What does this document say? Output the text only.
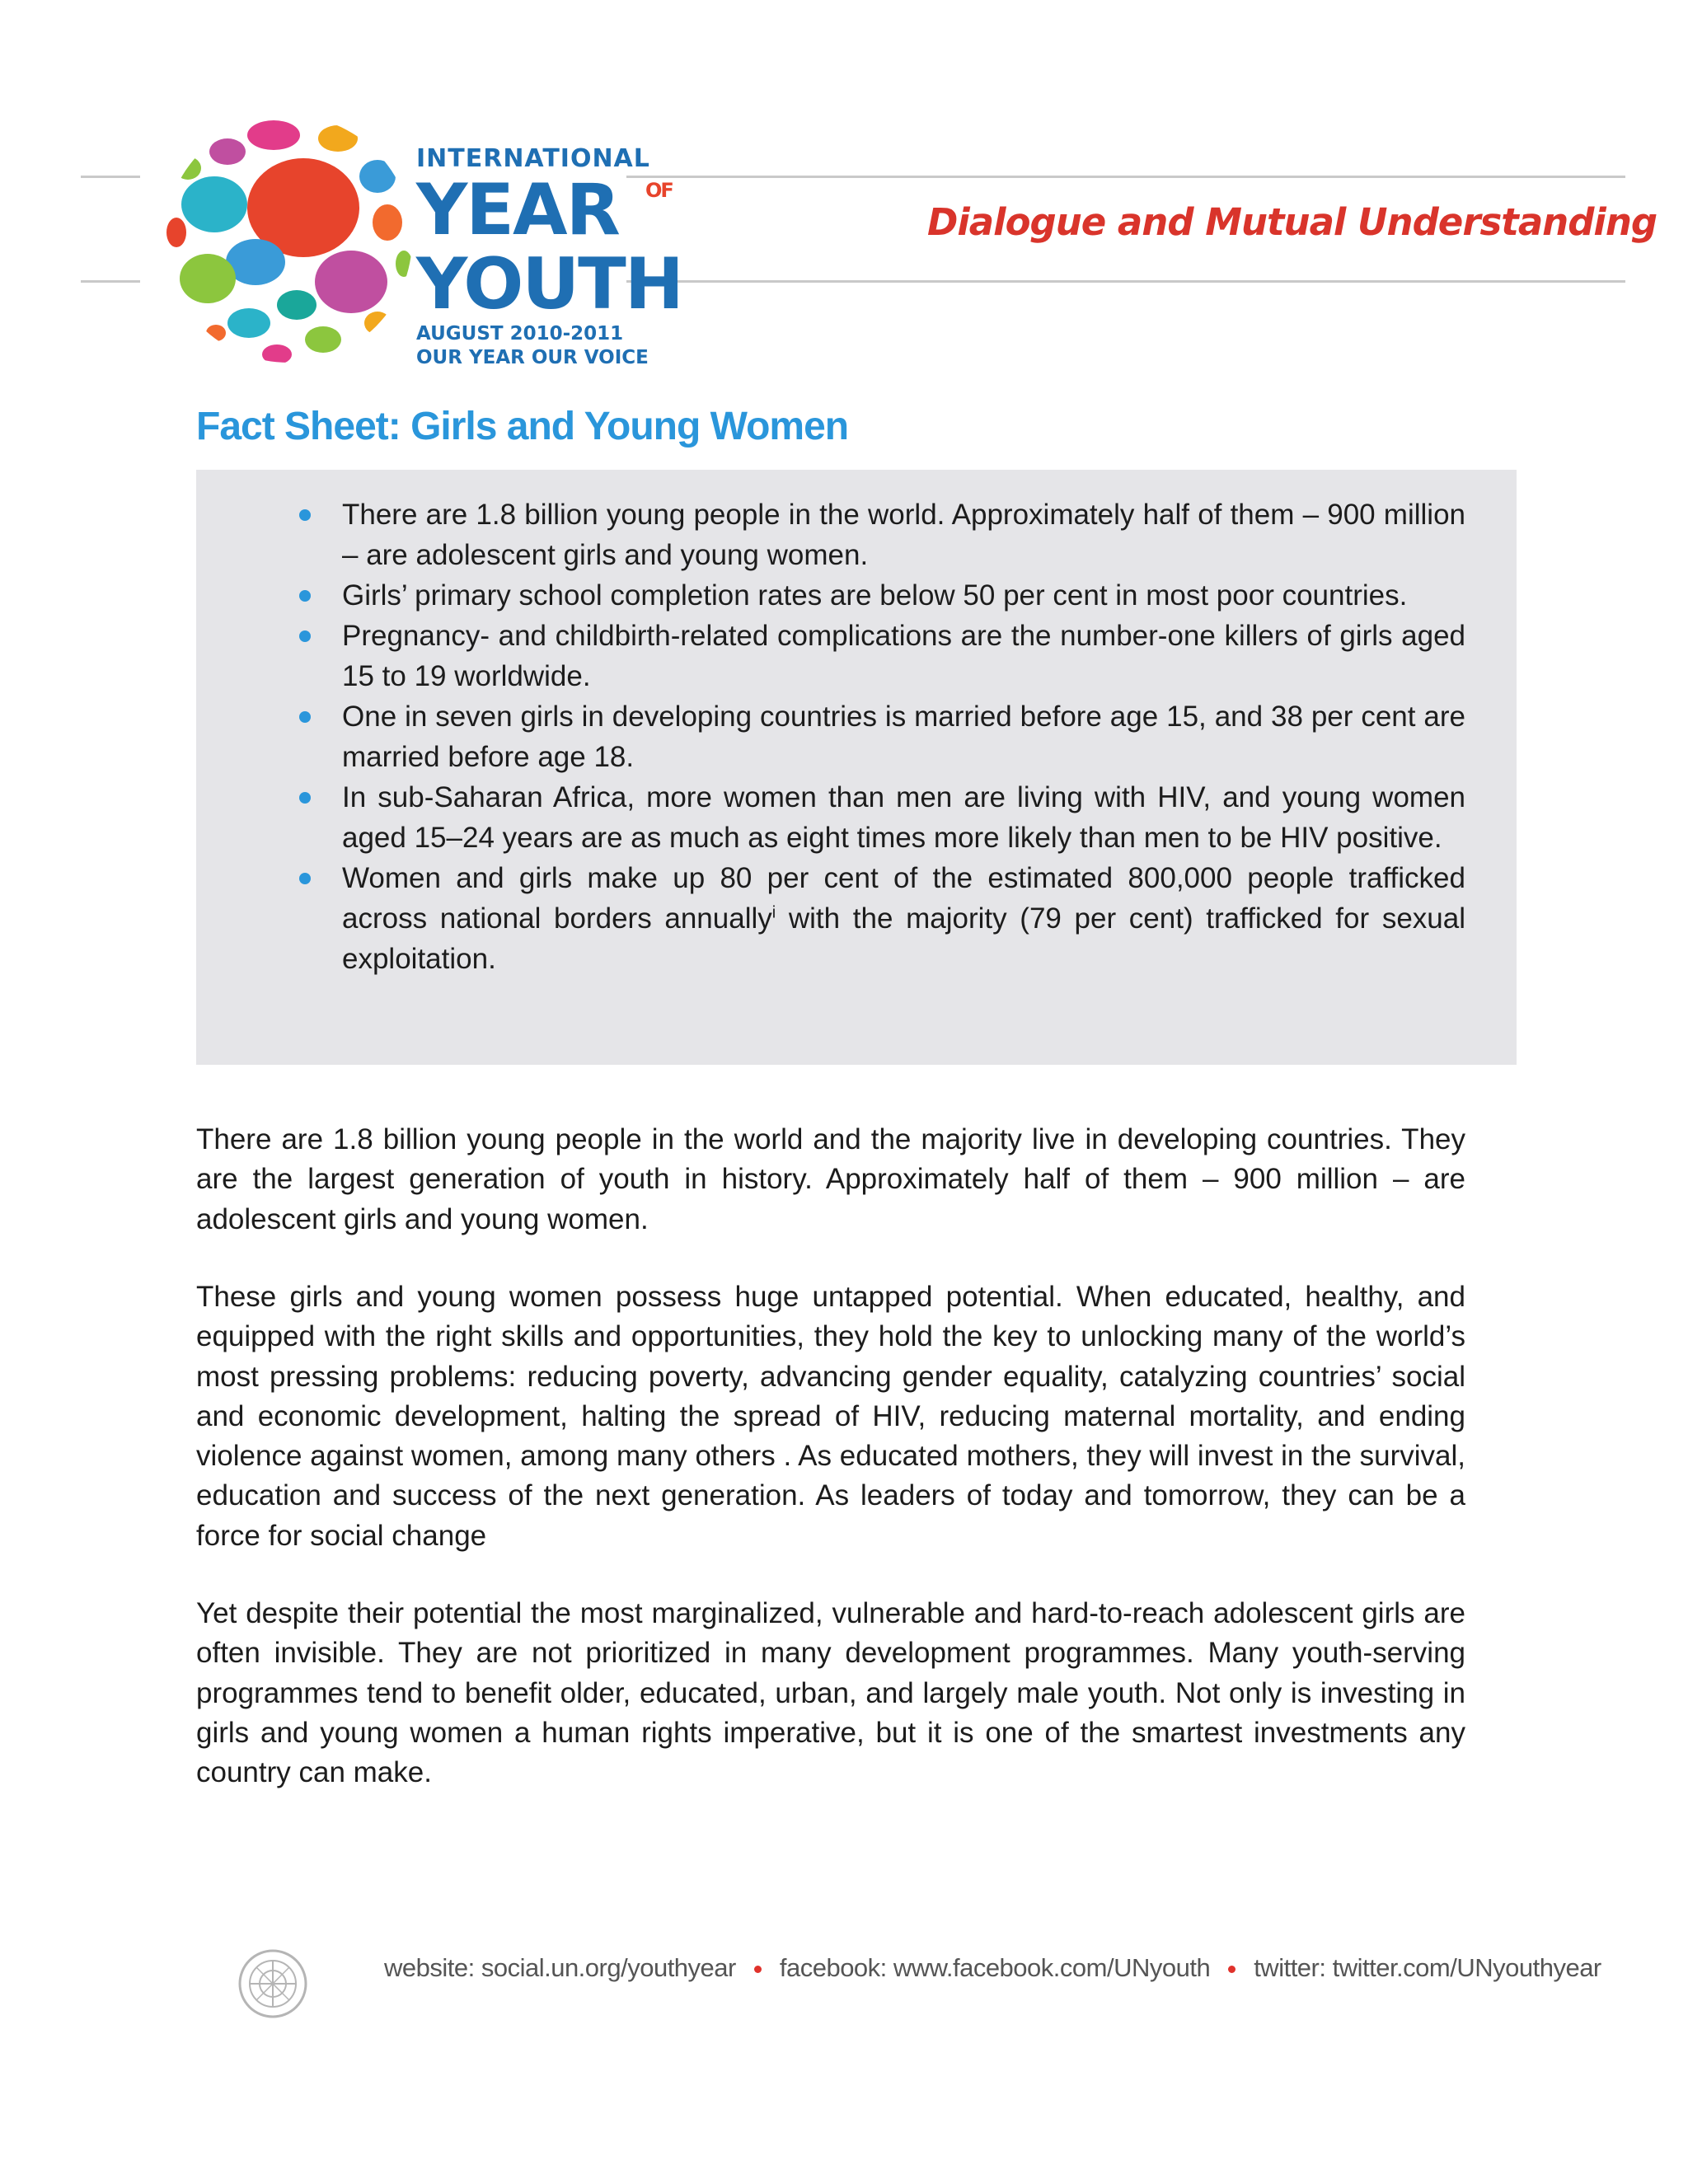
INTERNATIONAL
YEAR OF
YOUTH
AUGUST 2010-2011
OUR YEAR OUR VOICE
Dialogue and Mutual Understanding
Fact Sheet: Girls and Young Women
There are 1.8 billion young people in the world. Approximately half of them – 900 million – are adolescent girls and young women.
Girls’ primary school completion rates are below 50 per cent in most poor countries.
Pregnancy- and childbirth-related complications are the number-one killers of girls aged 15 to 19 worldwide.
One in seven girls in developing countries is married before age 15, and 38 per cent are married before age 18.
In sub-Saharan Africa, more women than men are living with HIV, and young women aged 15–24 years are as much as eight times more likely than men to be HIV positive.
Women and girls make up 80 per cent of the estimated 800,000 people trafficked across national borders annually$^i$ with the majority (79 per cent) trafficked for sexual exploitation.

There are 1.8 billion young people in the world and the majority live in developing countries. They are the largest generation of youth in history. Approximately half of them – 900 million – are adolescent girls and young women.

These girls and young women possess huge untapped potential. When educated, healthy, and equipped with the right skills and opportunities, they hold the key to unlocking many of the world’s most pressing problems: reducing poverty, advancing gender equality, catalyzing countries’ social and economic development, halting the spread of HIV, reducing maternal mortality, and ending violence against women, among many others . As educated mothers, they will invest in the survival, education and success of the next generation. As leaders of today and tomorrow, they can be a force for social change

Yet despite their potential the most marginalized, vulnerable and hard-to-reach adolescent girls are often invisible. They are not prioritized in many development programmes. Many youth-serving programmes tend to benefit older, educated, urban, and largely male youth. Not only is investing in girls and young women a human rights imperative, but it is one of the smartest investments any country can make.

website: social.un.org/youthyear facebook: www.facebook.com/UNyouth twitter: twitter.com/UNyouthyear
